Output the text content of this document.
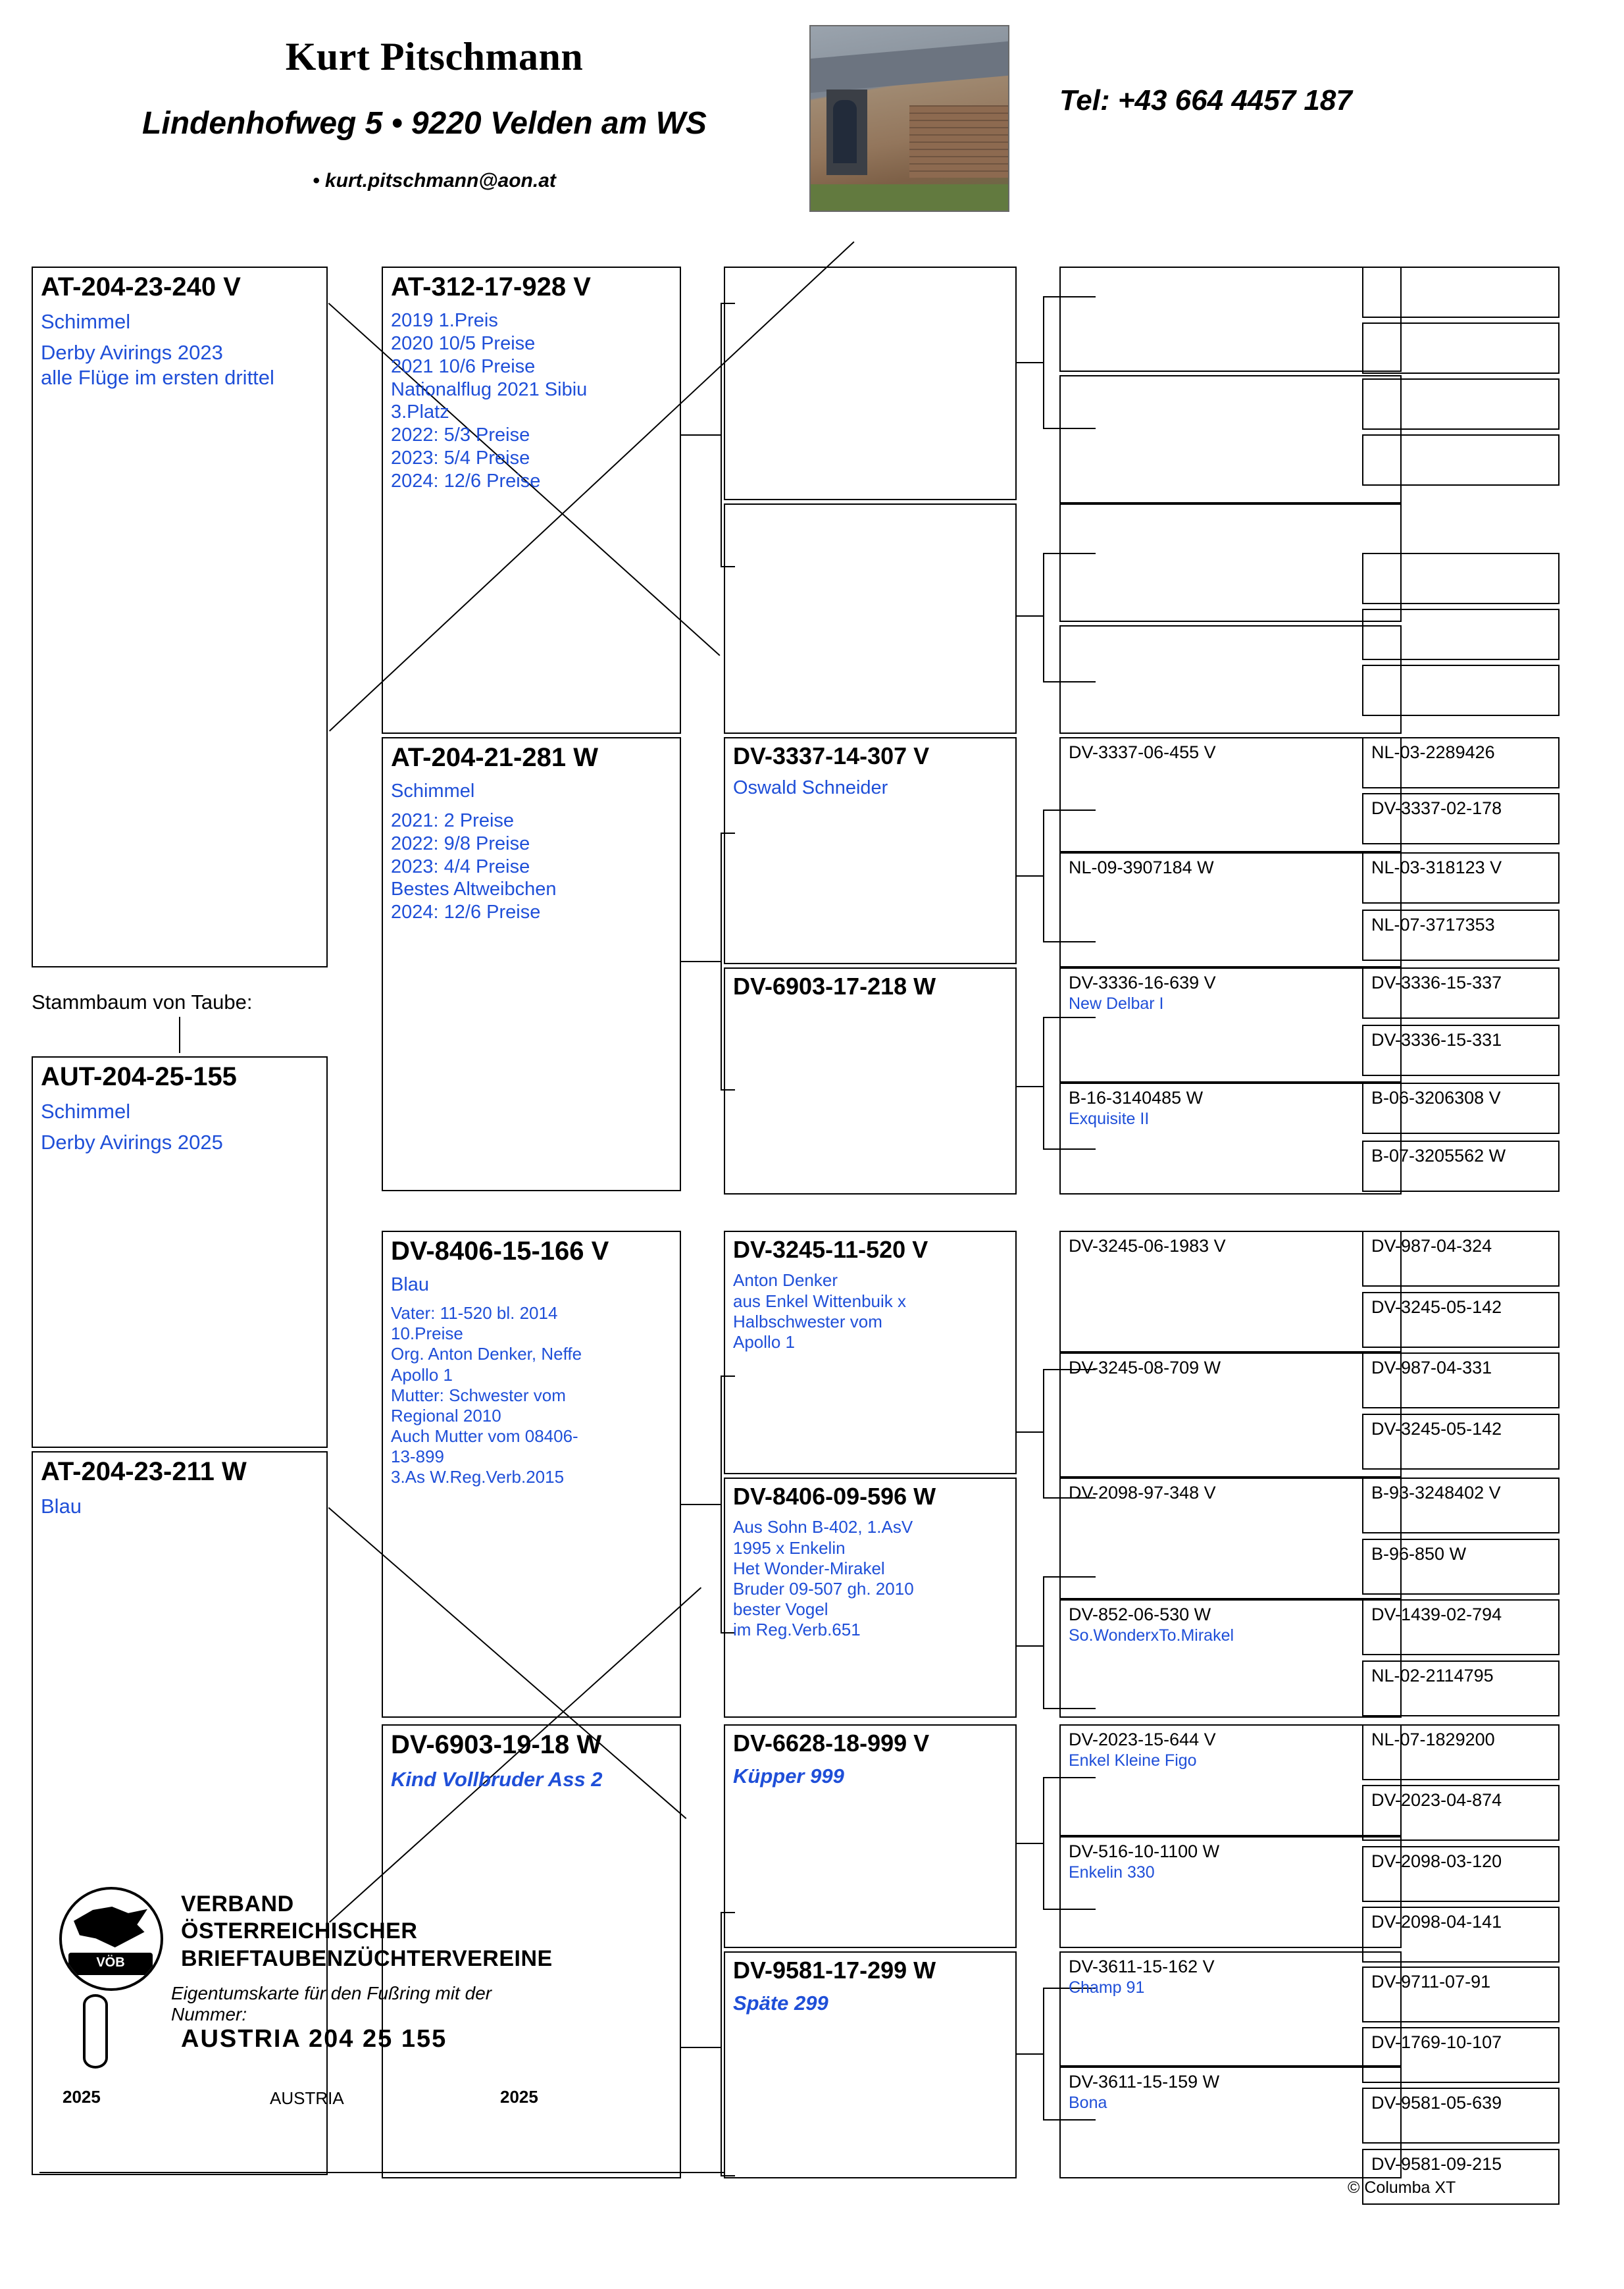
Kurt Pitschmann
Lindenhofweg 5 • 9220 Velden am WS
• kurt.pitschmann@aon.at
Tel: +43 664 4457 187
AT-204-23-240 V
Schimmel
Derby Avirings 2023
alle Flüge im ersten drittel
Stammbaum von Taube:
AUT-204-25-155
Schimmel
Derby Avirings 2025
AT-204-23-211 W
Blau
AT-312-17-928 V
2019 1.Preis
2020 10/5 Preise
2021 10/6 Preise
Nationalflug 2021 Sibiu
3.Platz
2022: 5/3 Preise
2023: 5/4 Preise
2024: 12/6 Preise
AT-204-21-281 W
Schimmel
2021: 2 Preise
2022: 9/8 Preise
2023: 4/4 Preise
Bestes Altweibchen
2024: 12/6 Preise
DV-8406-15-166 V
Blau
Vater: 11-520 bl. 2014
10.Preise
Org. Anton Denker, Neffe
Apollo 1
Mutter: Schwester vom
Regional 2010
Auch Mutter vom 08406-
13-899
3.As W.Reg.Verb.2015
DV-6903-19-18 W
Kind Vollbruder Ass 2
DV-3337-14-307 V
Oswald Schneider
DV-6903-17-218 W
DV-3245-11-520 V
Anton Denker
aus Enkel Wittenbuik x
Halbschwester vom
Apollo 1
DV-8406-09-596 W
Aus Sohn B-402, 1.AsV
1995 x Enkelin
Het Wonder-Mirakel
Bruder 09-507 gh. 2010
bester Vogel
im Reg.Verb.651
DV-6628-18-999 V
Küpper 999
DV-9581-17-299 W
Späte 299
DV-3337-06-455 V
NL-09-3907184 W
DV-3336-16-639 V
New Delbar I
B-16-3140485 W
Exquisite II
DV-3245-06-1983 V
DV-3245-08-709 W
DV-2098-97-348 V
DV-852-06-530 W
So.WonderxTo.Mirakel
DV-2023-15-644 V
Enkel Kleine Figo
DV-516-10-1100 W
Enkelin 330
DV-3611-15-162 V
Champ 91
DV-3611-15-159 W
Bona
NL-03-2289426
DV-3337-02-178
NL-03-318123 V
NL-07-3717353
DV-3336-15-337
DV-3336-15-331
B-06-3206308 V
B-07-3205562 W
DV-987-04-324
DV-3245-05-142
DV-987-04-331
DV-3245-05-142
B-93-3248402 V
B-96-850 W
DV-1439-02-794
NL-02-2114795
NL-07-1829200
DV-2023-04-874
DV-2098-03-120
DV-2098-04-141
DV-9711-07-91
DV-1769-10-107
DV-9581-05-639
DV-9581-09-215
VÖB
VERBAND
ÖSTERREICHISCHER
BRIEFTAUBENZÜCHTERVEREINE
Eigentumskarte für den Fußring mit der Nummer:
AUSTRIA 204 25 155
2025	AUSTRIA	2025
© Columba XT
